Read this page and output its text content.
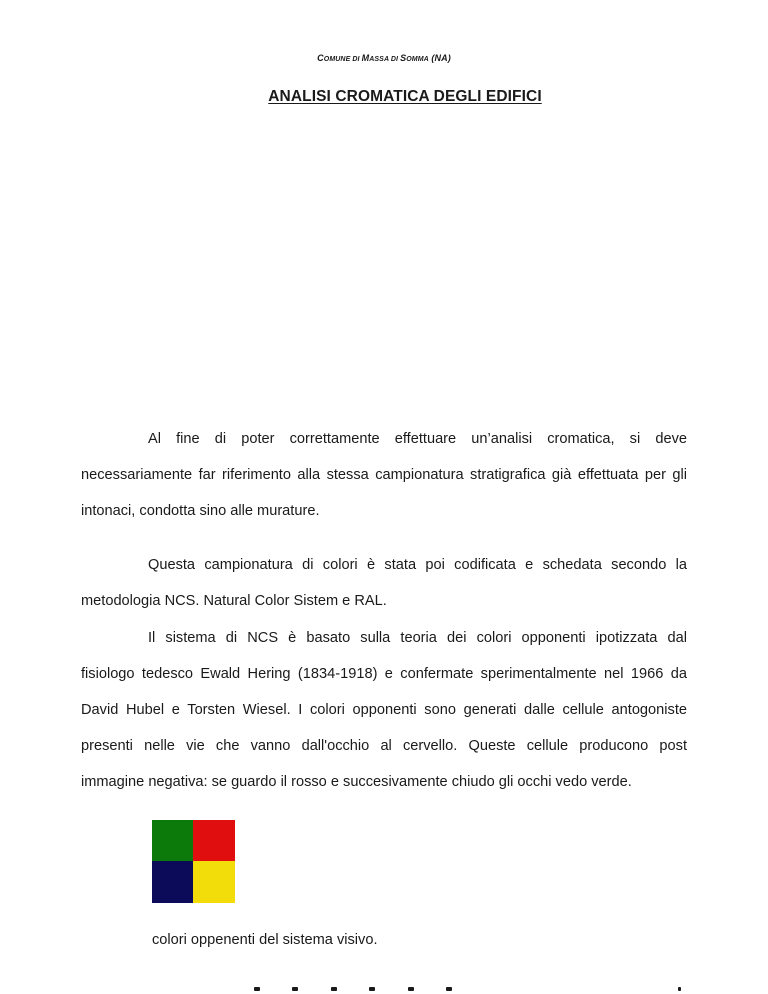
COMUNE DI MASSA DI SOMMA (NA)
ANALISI CROMATICA DEGLI EDIFICI
Al fine di poter correttamente effettuare un’analisi cromatica, si deve
necessariamente far riferimento alla stessa campionatura stratigrafica già effettuata per gli
intonaci, condotta sino alle murature.
Questa campionatura di colori è stata poi codificata e schedata secondo la
metodologia NCS. Natural Color Sistem e RAL.
Il sistema di NCS è basato sulla teoria dei colori opponenti ipotizzata dal
fisiologo tedesco Ewald Hering (1834-1918) e confermate sperimentalmente nel 1966 da
David Hubel e Torsten Wiesel. I colori opponenti sono generati dalle cellule antogoniste
presenti nelle vie che vanno dall'occhio al cervello. Queste cellule producono post
immagine negativa: se guardo il rosso e succesivamente chiudo gli occhi vedo verde.
colori oppenenti del sistema visivo.
